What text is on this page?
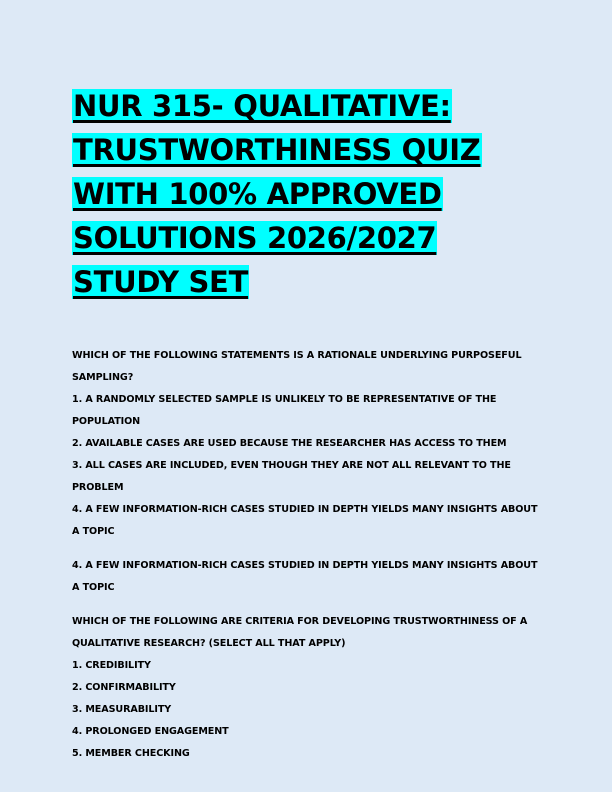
NUR 315- QUALITATIVE: TRUSTWORTHINESS QUIZ WITH 100% APPROVED SOLUTIONS 2026/2027 STUDY SET

WHICH OF THE FOLLOWING STATEMENTS IS A RATIONALE UNDERLYING PURPOSEFUL SAMPLING?

1. A RANDOMLY SELECTED SAMPLE IS UNLIKELY TO BE REPRESENTATIVE OF THE POPULATION

2. AVAILABLE CASES ARE USED BECAUSE THE RESEARCHER HAS ACCESS TO THEM

3. ALL CASES ARE INCLUDED, EVEN THOUGH THEY ARE NOT ALL RELEVANT TO THE PROBLEM

4. A FEW INFORMATION-RICH CASES STUDIED IN DEPTH YIELDS MANY INSIGHTS ABOUT A TOPIC

4. A FEW INFORMATION-RICH CASES STUDIED IN DEPTH YIELDS MANY INSIGHTS ABOUT A TOPIC

WHICH OF THE FOLLOWING ARE CRITERIA FOR DEVELOPING TRUSTWORTHINESS OF A QUALITATIVE RESEARCH? (SELECT ALL THAT APPLY)

1. CREDIBILITY

2. CONFIRMABILITY

3. MEASURABILITY

4. PROLONGED ENGAGEMENT

5. MEMBER CHECKING
